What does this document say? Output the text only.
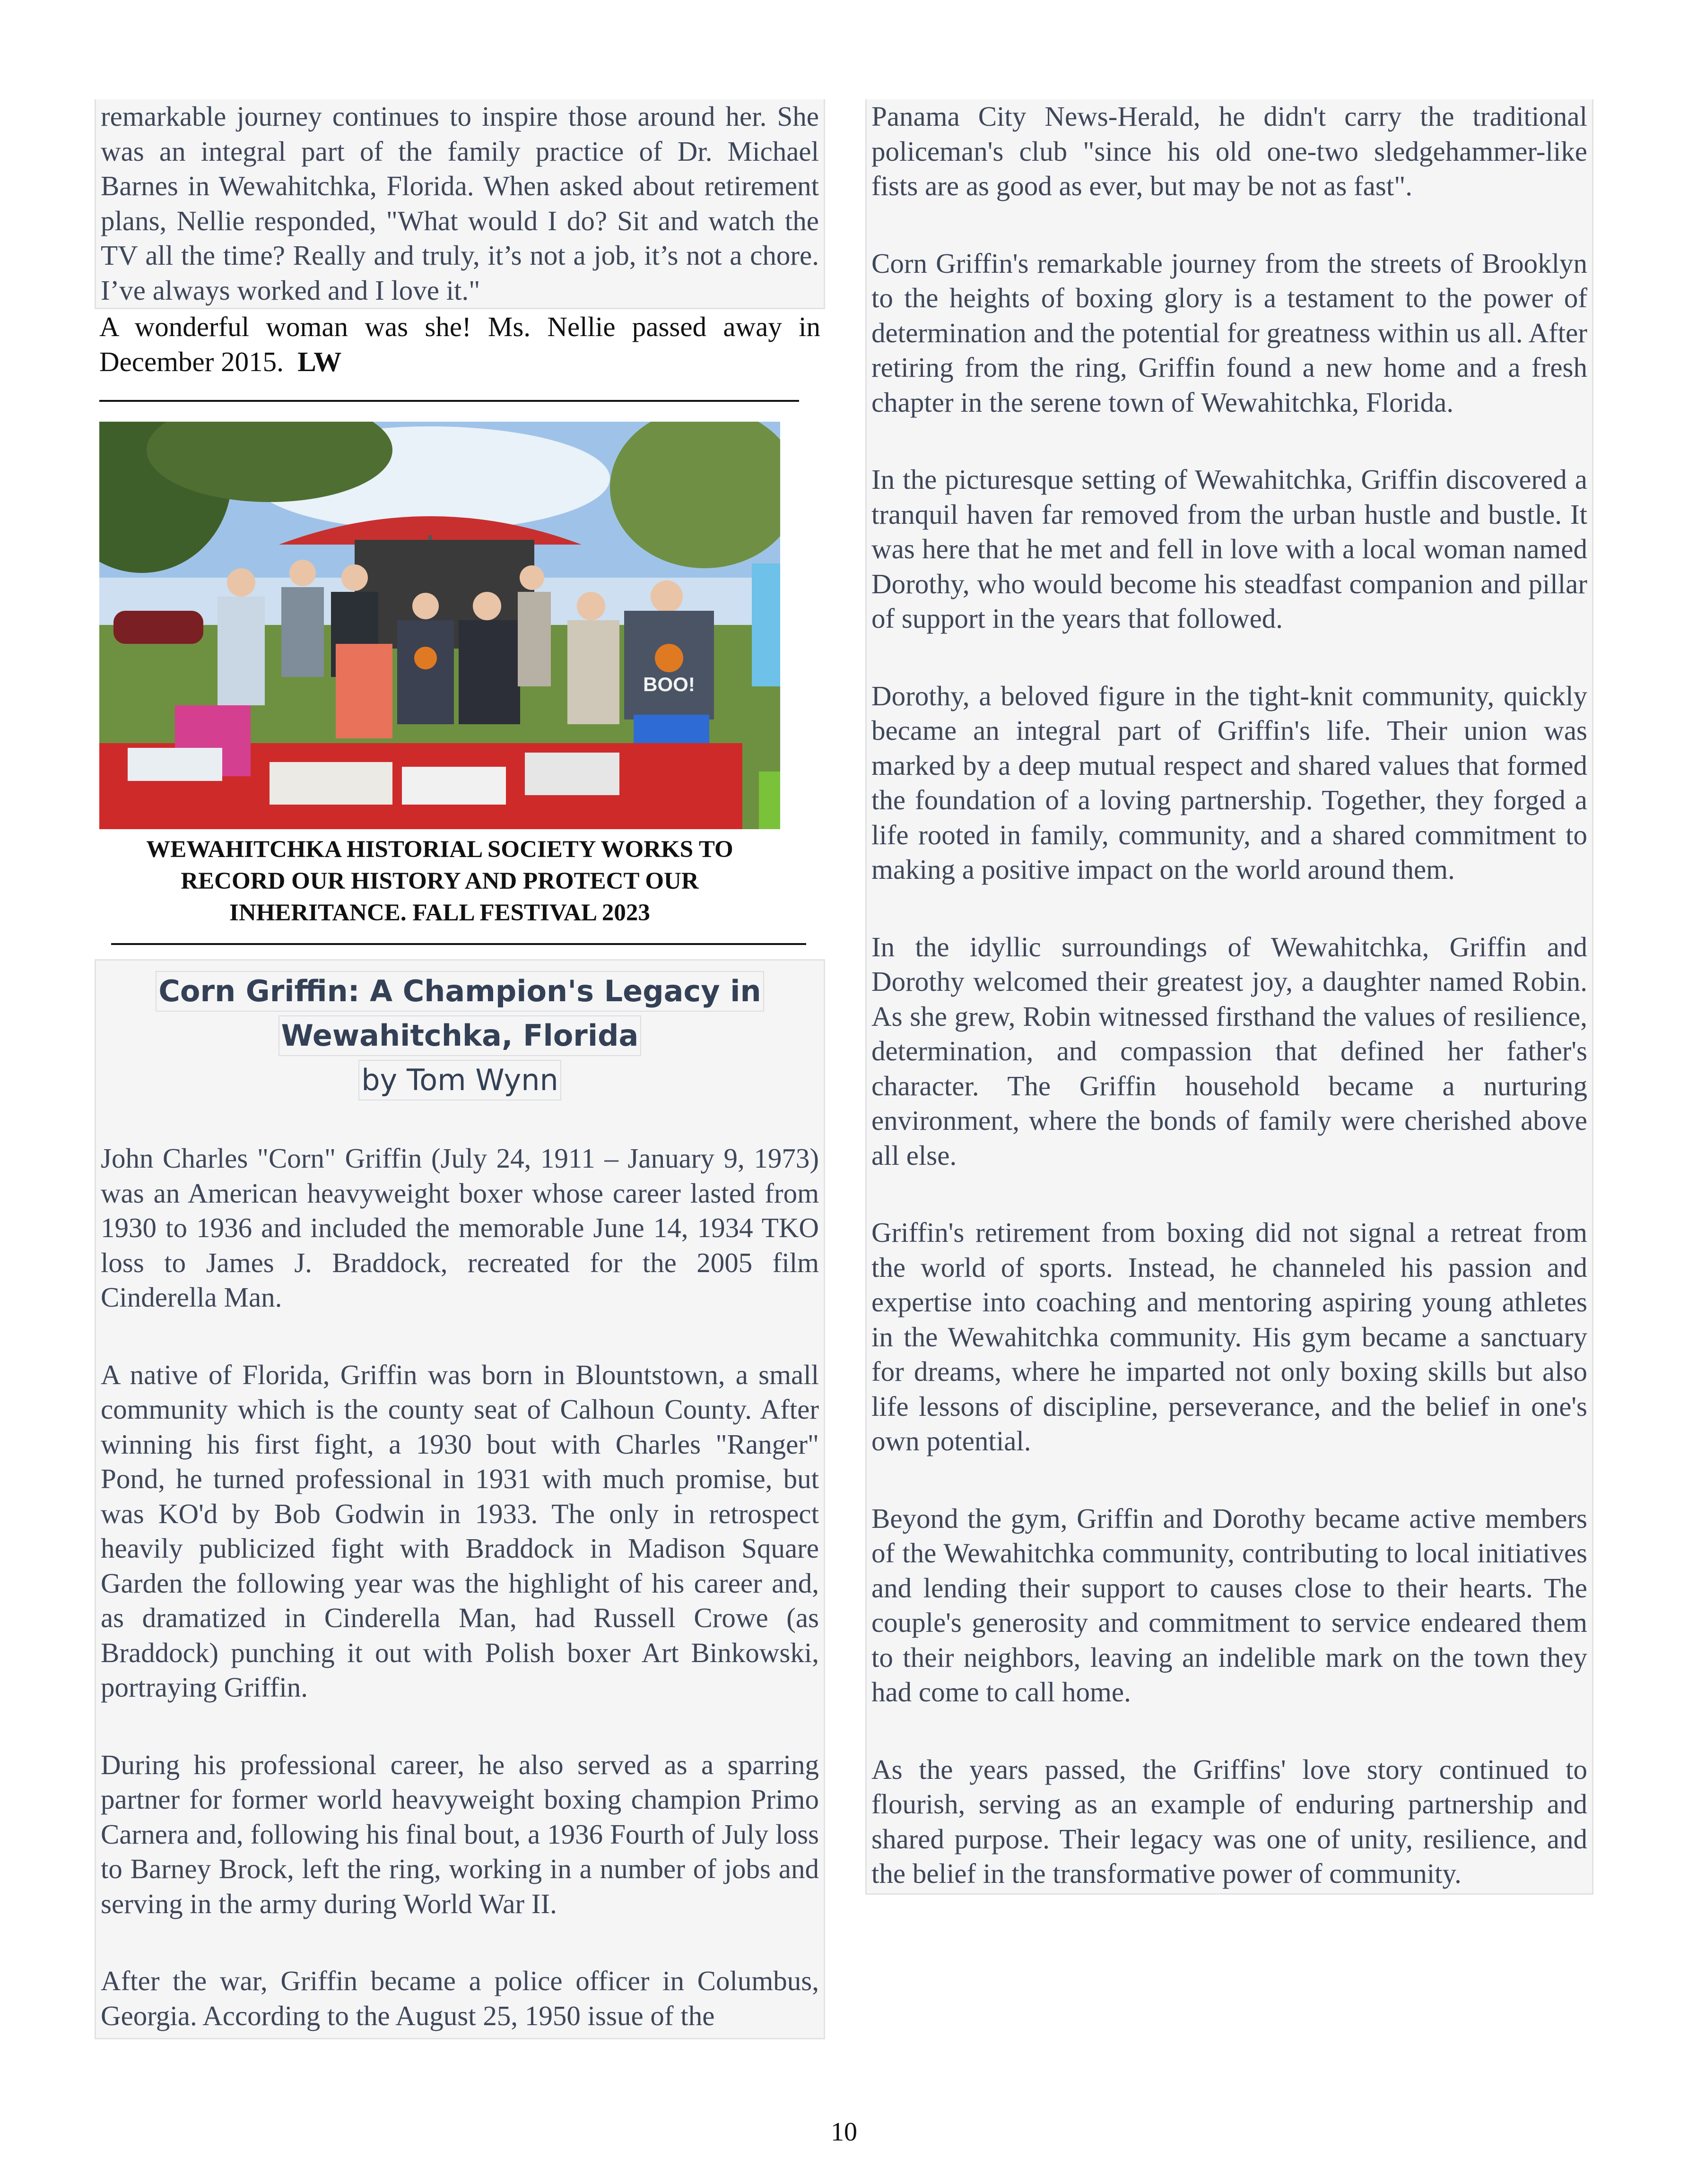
remarkable journey continues to inspire those around her. She was an integral part of the family practice of Dr. Michael Barnes in Wewahitchka, Florida. When asked about retirement plans, Nellie responded, "What would I do? Sit and watch the TV all the time? Really and truly, it’s not a job, it’s not a chore. I’ve always worked and I love it."

A wonderful woman was she! Ms. Nellie passed away in December 2015. LW

BOO!
WEWAHITCHKA HISTORIAL SOCIETY WORKS TO RECORD OUR HISTORY AND PROTECT OUR INHERITANCE. FALL FESTIVAL 2023
Corn Griffin: A Champion's Legacy in
Wewahitchka, Florida
by Tom Wynn

John Charles "Corn" Griffin (July 24, 1911 – January 9, 1973) was an American heavyweight boxer whose career lasted from 1930 to 1936 and included the memorable June 14, 1934 TKO loss to James J. Braddock, recreated for the 2005 film Cinderella Man.

A native of Florida, Griffin was born in Blountstown, a small community which is the county seat of Calhoun County. After winning his first fight, a 1930 bout with Charles "Ranger" Pond, he turned professional in 1931 with much promise, but was KO'd by Bob Godwin in 1933. The only in retrospect heavily publicized fight with Braddock in Madison Square Garden the following year was the highlight of his career and, as dramatized in Cinderella Man, had Russell Crowe (as Braddock) punching it out with Polish boxer Art Binkowski, portraying Griffin.

During his professional career, he also served as a sparring partner for former world heavyweight boxing champion Primo Carnera and, following his final bout, a 1936 Fourth of July loss to Barney Brock, left the ring, working in a number of jobs and serving in the army during World War II.

After the war, Griffin became a police officer in Columbus, Georgia. According to the August 25, 1950 issue of the

Panama City News-Herald, he didn't carry the traditional policeman's club "since his old one-two sledgehammer-like fists are as good as ever, but may be not as fast".

Corn Griffin's remarkable journey from the streets of Brooklyn to the heights of boxing glory is a testament to the power of determination and the potential for greatness within us all. After retiring from the ring, Griffin found a new home and a fresh chapter in the serene town of Wewahitchka, Florida.

In the picturesque setting of Wewahitchka, Griffin discovered a tranquil haven far removed from the urban hustle and bustle. It was here that he met and fell in love with a local woman named Dorothy, who would become his steadfast companion and pillar of support in the years that followed.

Dorothy, a beloved figure in the tight-knit community, quickly became an integral part of Griffin's life. Their union was marked by a deep mutual respect and shared values that formed the foundation of a loving partnership. Together, they forged a life rooted in family, community, and a shared commitment to making a positive impact on the world around them.

In the idyllic surroundings of Wewahitchka, Griffin and Dorothy welcomed their greatest joy, a daughter named Robin. As she grew, Robin witnessed firsthand the values of resilience, determination, and compassion that defined her father's character. The Griffin household became a nurturing environment, where the bonds of family were cherished above all else.

Griffin's retirement from boxing did not signal a retreat from the world of sports. Instead, he channeled his passion and expertise into coaching and mentoring aspiring young athletes in the Wewahitchka community. His gym became a sanctuary for dreams, where he imparted not only boxing skills but also life lessons of discipline, perseverance, and the belief in one's own potential.

Beyond the gym, Griffin and Dorothy became active members of the Wewahitchka community, contributing to local initiatives and lending their support to causes close to their hearts. The couple's generosity and commitment to service endeared them to their neighbors, leaving an indelible mark on the town they had come to call home.

As the years passed, the Griffins' love story continued to flourish, serving as an example of enduring partnership and shared purpose. Their legacy was one of unity, resilience, and the belief in the transformative power of community.

10
